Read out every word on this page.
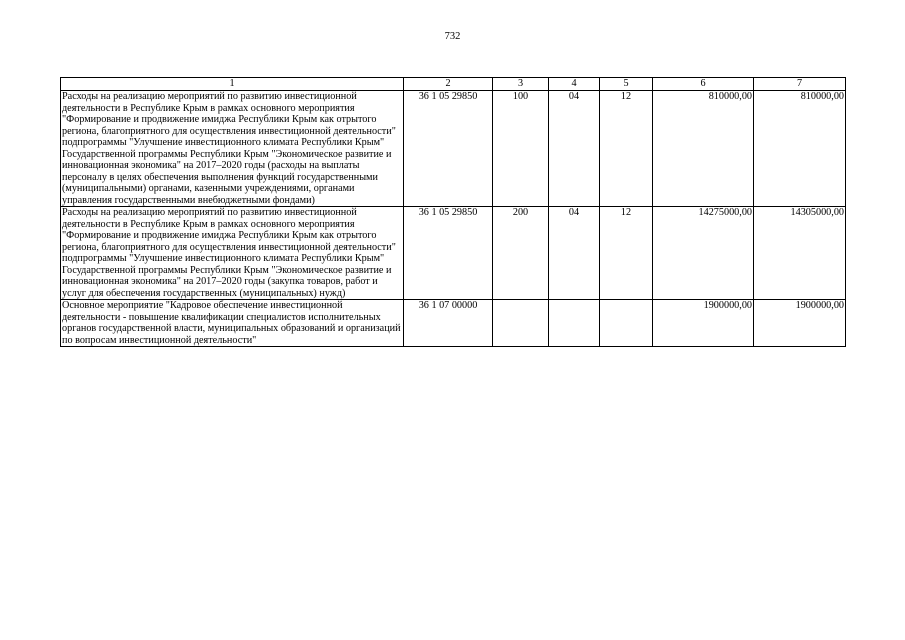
732
1	2	3	4	5	6	7
Расходы на реализацию мероприятий по развитию инвестиционной деятельности в Республике Крым в рамках основного мероприятия "Формирование и продвижение имиджа Республики Крым как отрытого региона, благоприятного для осуществления инвестиционной деятельности" подпрограммы "Улучшение инвестиционного климата Республики Крым" Государственной программы Республики Крым "Экономическое развитие и инновационная экономика" на 2017–2020 годы (расходы на выплаты персоналу в целях обеспечения выполнения функций государственными (муниципальными) органами, казенными учреждениями, органами управления государственными внебюджетными фондами)	36 1 05 29850	100	04	12	810000,00	810000,00
Расходы на реализацию мероприятий по развитию инвестиционной деятельности в Республике Крым в рамках основного мероприятия "Формирование и продвижение имиджа Республики Крым как отрытого региона, благоприятного для осуществления инвестиционной деятельности" подпрограммы "Улучшение инвестиционного климата Республики Крым" Государственной программы Республики Крым "Экономическое развитие и инновационная экономика" на 2017–2020 годы (закупка товаров, работ и услуг для обеспечения государственных (муниципальных) нужд)	36 1 05 29850	200	04	12	14275000,00	14305000,00
Основное мероприятие "Кадровое обеспечение инвестиционной деятельности - повышение квалификации специалистов исполнительных органов государственной власти, муниципальных образований и организаций по вопросам инвестиционной деятельности"	36 1 07 00000				1900000,00	1900000,00
